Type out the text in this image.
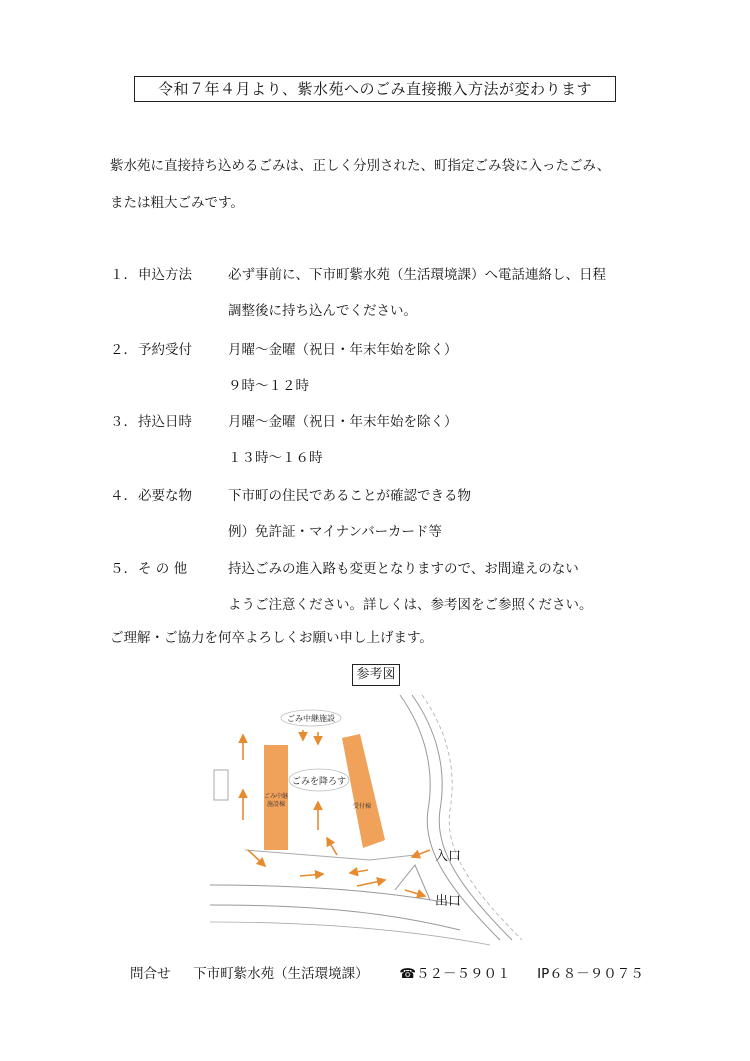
令和７年４月より、紫水苑へのごみ直接搬入方法が変わります
紫水苑に直接持ち込めるごみは、正しく分別された、町指定ごみ袋に入ったごみ、
または粗大ごみです。
１． 申込方法	必ず事前に、下市町紫水苑（生活環境課）へ電話連絡し、日程
調整後に持ち込んでください。
２． 予約受付	月曜～金曜（祝日・年末年始を除く）
９時～１２時
３． 持込日時	月曜～金曜（祝日・年末年始を除く）
１３時～１６時
４． 必要な物	下市町の住民であることが確認できる物
例）免許証・マイナンバーカード等
５． そ の 他	持込ごみの進入路も変更となりますので、お間違えのない
ようご注意ください。詳しくは、参考図をご参照ください。
ご理解・ご協力を何卒よろしくお願い申し上げます。
参考図
ごみ中継
施設棟	受付棟
ごみ中継施設
ごみを降ろす
入口
出口
問合せ 下市町紫水苑（生活環境課） ☎５２－５９０１ IP６８－９０７５
